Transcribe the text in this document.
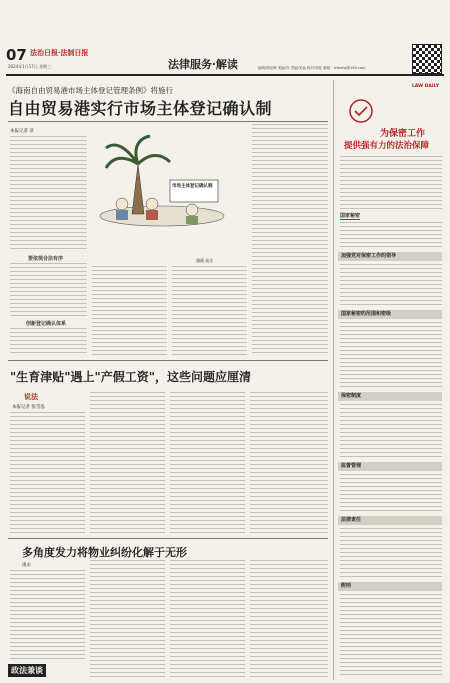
07 法治日报·法制日报
2024年1月17日 星期三	法律服务·解读	编辑/郭纪海 美编/肖 责编/吴焱 校对/刘佳 邮箱：fzrbsfgl@163.com
《海南自由贸易港市场主体登记管理条例》将施行
自由贸易港实行市场主体登记确认制
本报记者 章
要依规合法有序
创新登记确认体系
市场主体登记确认制
漫画 高岳
"生育津贴"遇上"产假工资"，这些问题应厘清
说法
本报记者 张雪泓
多角度发力将物业纠纷化解于无形
康永
政法兼谈
LAW DAILY
为保密工作
提供强有力的法治保障
国家秘密
加强党对保密工作的领导
国家秘密的范围和密级
保密制度
监督管理
法律责任
附则
